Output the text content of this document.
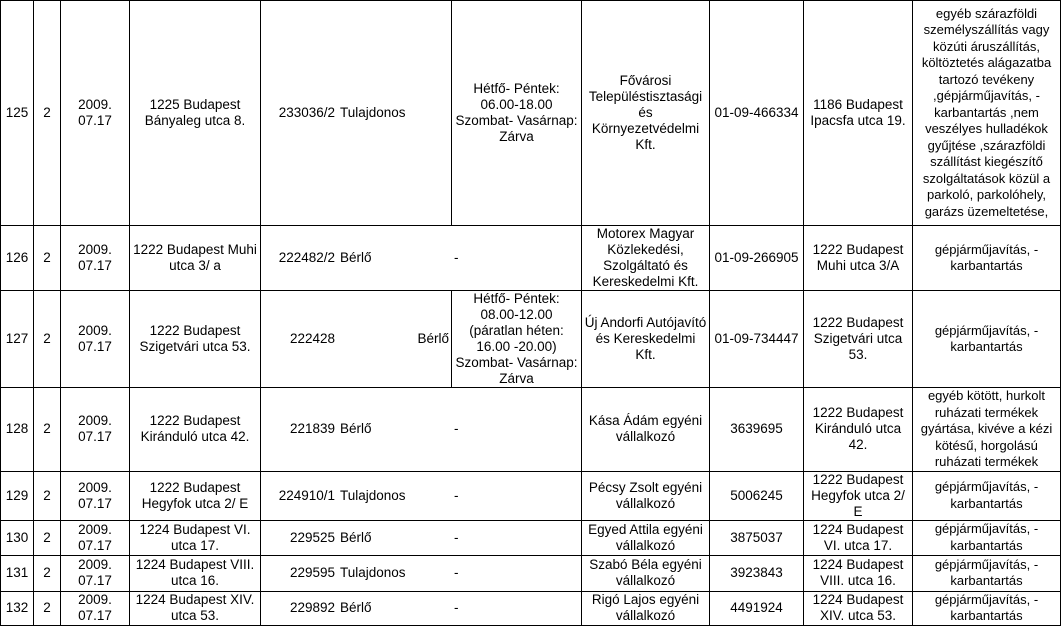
125	2	2009. 07.17	1225 Budapest Bányaleg utca 8.	233036/2	Tulajdonos	Hétfő- Péntek: 06.00-18.00 Szombat- Vasárnap: Zárva	Fővárosi Településtisztasági és Környezetvédelmi Kft.	01-09-466334	1186 Budapest Ipacsfa utca 19.	egyéb szárazföldi személyszállítás vagy közúti áruszállítás, költöztetés alágazatba tartozó tevékeny ,gépjárműjavítás, - karbantartás ,nem veszélyes hulladékok gyűjtése ,szárazföldi szállítást kiegészítő szolgáltatások közül a parkoló, parkolóhely, garázs üzemeltetése,
126	2	2009. 07.17	1222 Budapest Muhi utca 3/ a	222482/2	Bérlő	-	Motorex Magyar Közlekedési, Szolgáltató és Kereskedelmi Kft.	01-09-266905	1222 Budapest Muhi utca 3/A	gépjárműjavítás, - karbantartás
127	2	2009. 07.17	1222 Budapest Szigetvári utca 53.	222428	Bérlő	Hétfő- Péntek: 08.00-12.00 (páratlan héten: 16.00 -20.00) Szombat- Vasárnap: Zárva	Új Andorfi Autójavító és Kereskedelmi Kft.	01-09-734447	1222 Budapest Szigetvári utca 53.	gépjárműjavítás, - karbantartás
128	2	2009. 07.17	1222 Budapest Kiránduló utca 42.	221839	Bérlő	-	Kása Ádám egyéni vállalkozó	3639695	1222 Budapest Kiránduló utca 42.	egyéb kötött, hurkolt ruházati termékek gyártása, kivéve a kézi kötésű, horgolású ruházati termékek
129	2	2009. 07.17	1222 Budapest Hegyfok utca 2/ E	224910/1	Tulajdonos	-	Pécsy Zsolt egyéni vállalkozó	5006245	1222 Budapest Hegyfok utca 2/ E	gépjárműjavítás, - karbantartás
130	2	2009. 07.17	1224 Budapest VI. utca 17.	229525	Bérlő	-	Egyed Attila egyéni vállalkozó	3875037	1224 Budapest VI. utca 17.	gépjárműjavítás, - karbantartás
131	2	2009. 07.17	1224 Budapest VIII. utca 16.	229595	Tulajdonos	-	Szabó Béla egyéni vállalkozó	3923843	1224 Budapest VIII. utca 16.	gépjárműjavítás, - karbantartás
132	2	2009. 07.17	1224 Budapest XIV. utca 53.	229892	Bérlő	-	Rigó Lajos egyéni vállalkozó	4491924	1224 Budapest XIV. utca 53.	gépjárműjavítás, - karbantartás
